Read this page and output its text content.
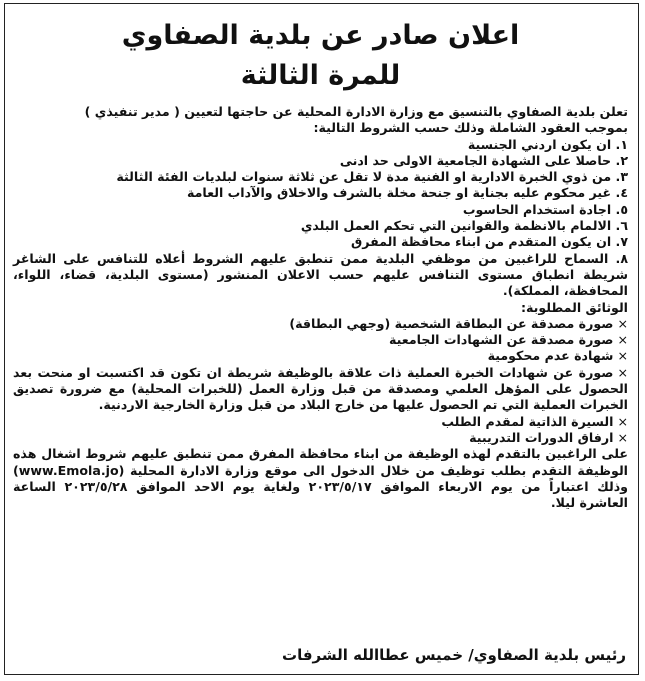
اعلان صادر عن بلدية الصفاوي
للمرة الثالثة
تعلن بلدية الصفاوي بالتنسيق مع وزارة الادارة المحلية عن حاجتها لتعيين ( مدير تنفيذي )
بموجب العقود الشاملة وذلك حسب الشروط التالية:
١. ان يكون اردني الجنسية
٢. حاصلا على الشهادة الجامعية الاولى حد ادنى
٣. من ذوي الخبرة الادارية او الفنية مدة لا تقل عن ثلاثة سنوات لبلديات الفئة الثالثة
٤. غير محكوم عليه بجناية او جنحة مخلة بالشرف والاخلاق والآداب العامة
٥. اجادة استخدام الحاسوب
٦. الالمام بالانظمة والقوانين التي تحكم العمل البلدي
٧. ان يكون المتقدم من ابناء محافظة المفرق
٨. السماح للراغبين من موظفي البلدية ممن تنطبق عليهم الشروط أعلاه للتنافس على الشاغر شريطة انطباق مستوى التنافس عليهم حسب الاعلان المنشور (مستوى البلدية، قضاء، اللواء، المحافظة، المملكة).
الوثائق المطلوبة:
× صورة مصدقة عن البطاقة الشخصية (وجهي البطاقة)
× صورة مصدقة عن الشهادات الجامعية
× شهادة عدم محكومية
× صورة عن شهادات الخبرة العملية ذات علاقة بالوظيفة شريطة ان تكون قد اكتسبت او منحت بعد الحصول على المؤهل العلمي ومصدقة من قبل وزارة العمل (للخبرات المحلية) مع ضرورة تصديق الخبرات العملية التي تم الحصول عليها من خارج البلاد من قبل وزارة الخارجية الاردنية.
× السيرة الذاتية لمقدم الطلب
× ارفاق الدورات التدريبية
على الراغبين بالتقدم لهذه الوظيفة من ابناء محافظة المفرق ممن تنطبق عليهم شروط اشغال هذه الوظيفة التقدم بطلب توظيف من خلال الدخول الى موقع وزارة الادارة المحلية (www.Emola.jo) وذلك اعتباراً من يوم الاربعاء الموافق ٢٠٢٣/٥/١٧ ولغاية يوم الاحد الموافق ٢٠٢٣/٥/٢٨ الساعة العاشرة ليلا.
رئيس بلدية الصفاوي/ خميس عطاالله الشرفات
